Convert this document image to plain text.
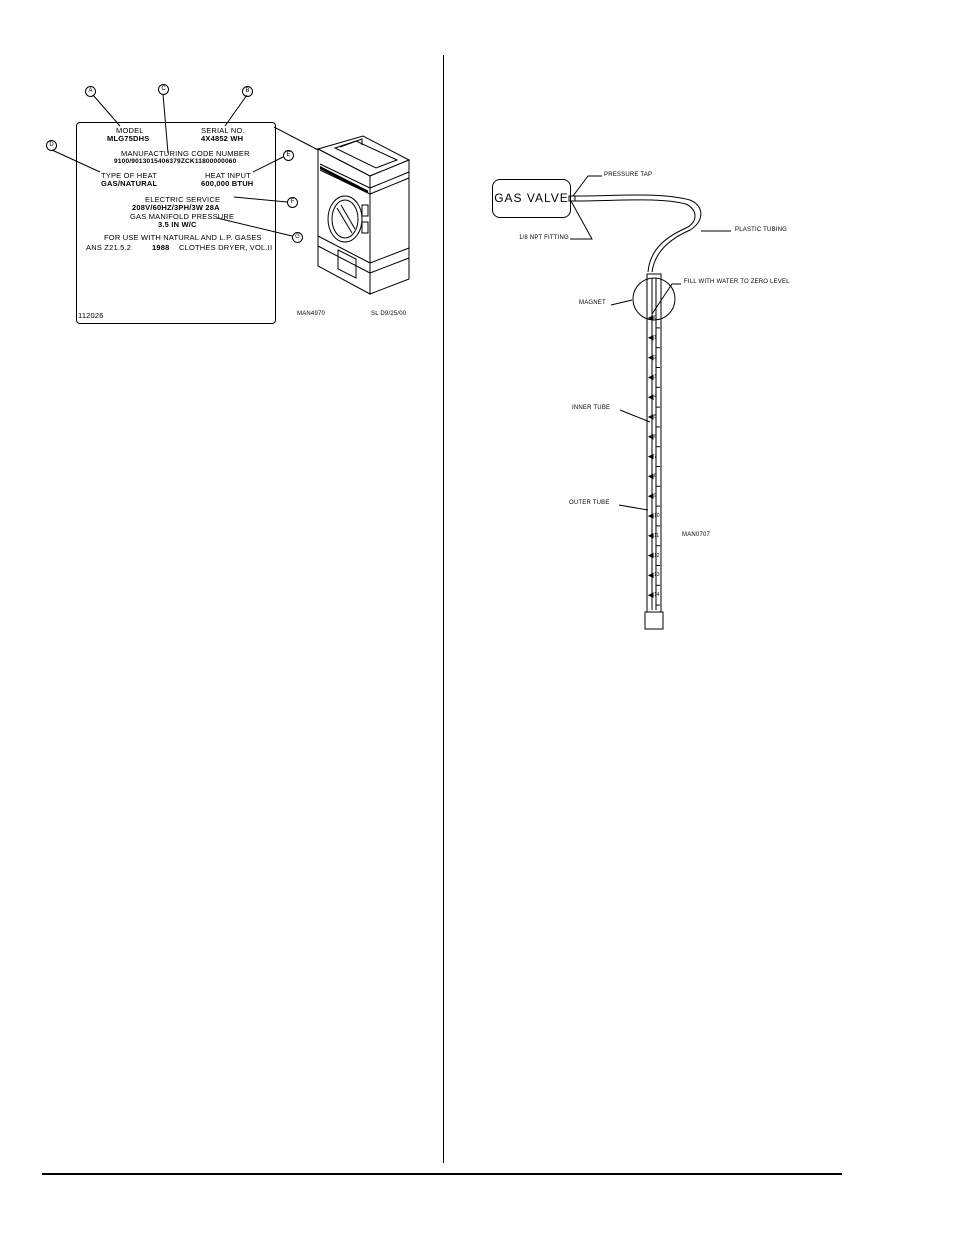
A	C	B
D
E
F
G
MODEL
MLG75DHS
SERIAL NO.
4X4852 WH
MANUFACTURING CODE NUMBER
9100/9013015406379ZCK11800000060
TYPE OF HEAT
GAS/NATURAL
HEAT INPUT
600,000 BTUH
ELECTRIC SERVICE
208V/60HZ/3PH/3W 28A
GAS MANIFOLD PRESSURE
3.5 IN W/C
FOR USE WITH NATURAL AND L.P. GASES
ANS Z21.5.2	1988 CLOTHES DRYER, VOL.II
112026	MAN4970	SL D9/25/00
GAS VALVE
PRESSURE TAP
1/8 NPT FITTING
PLASTIC TUBING
MAGNET
FILL WITH WATER TO ZERO LEVEL
INNER TUBE
OUTER TUBE
MAN0707
0
1
2
3
4
5
6
7
8
9
10
11
12
13
14
